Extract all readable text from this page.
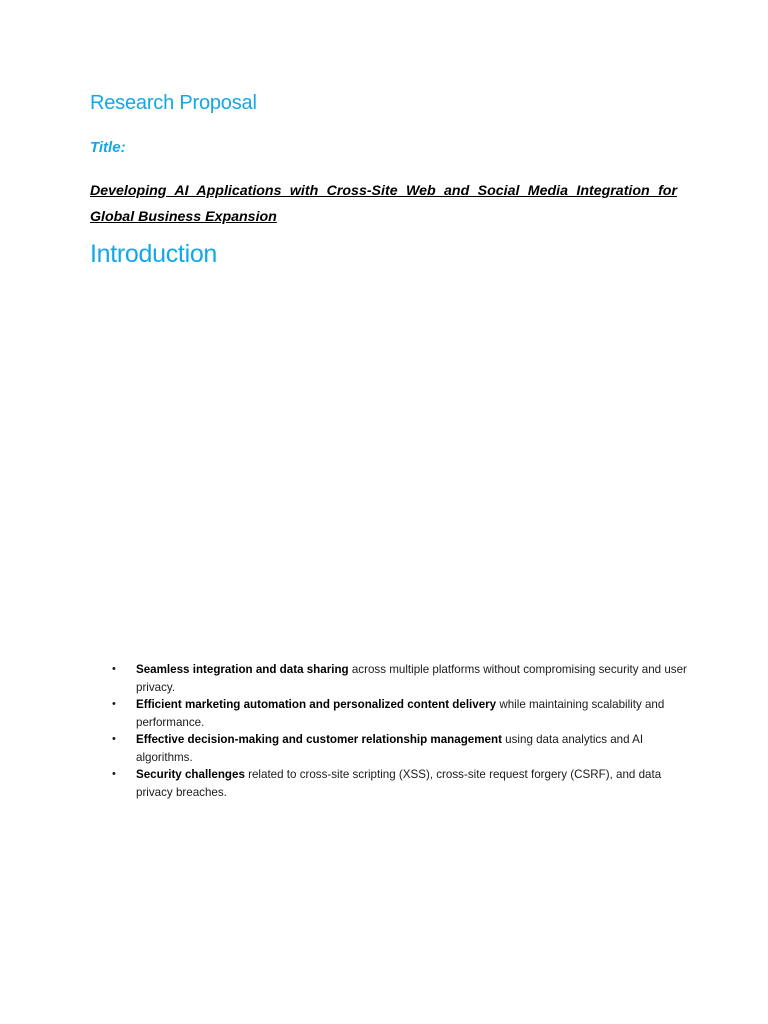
Research Proposal

Title:

Developing AI Applications with Cross-Site Web and Social Media Integration for Global Business Expansion

Introduction
•	Seamless integration and data sharing across multiple platforms without compromising security and user privacy.
•	Efficient marketing automation and personalized content delivery while maintaining scalability and performance.
•	Effective decision-making and customer relationship management using data analytics and AI algorithms.
•	Security challenges related to cross-site scripting (XSS), cross-site request forgery (CSRF), and data privacy breaches.
